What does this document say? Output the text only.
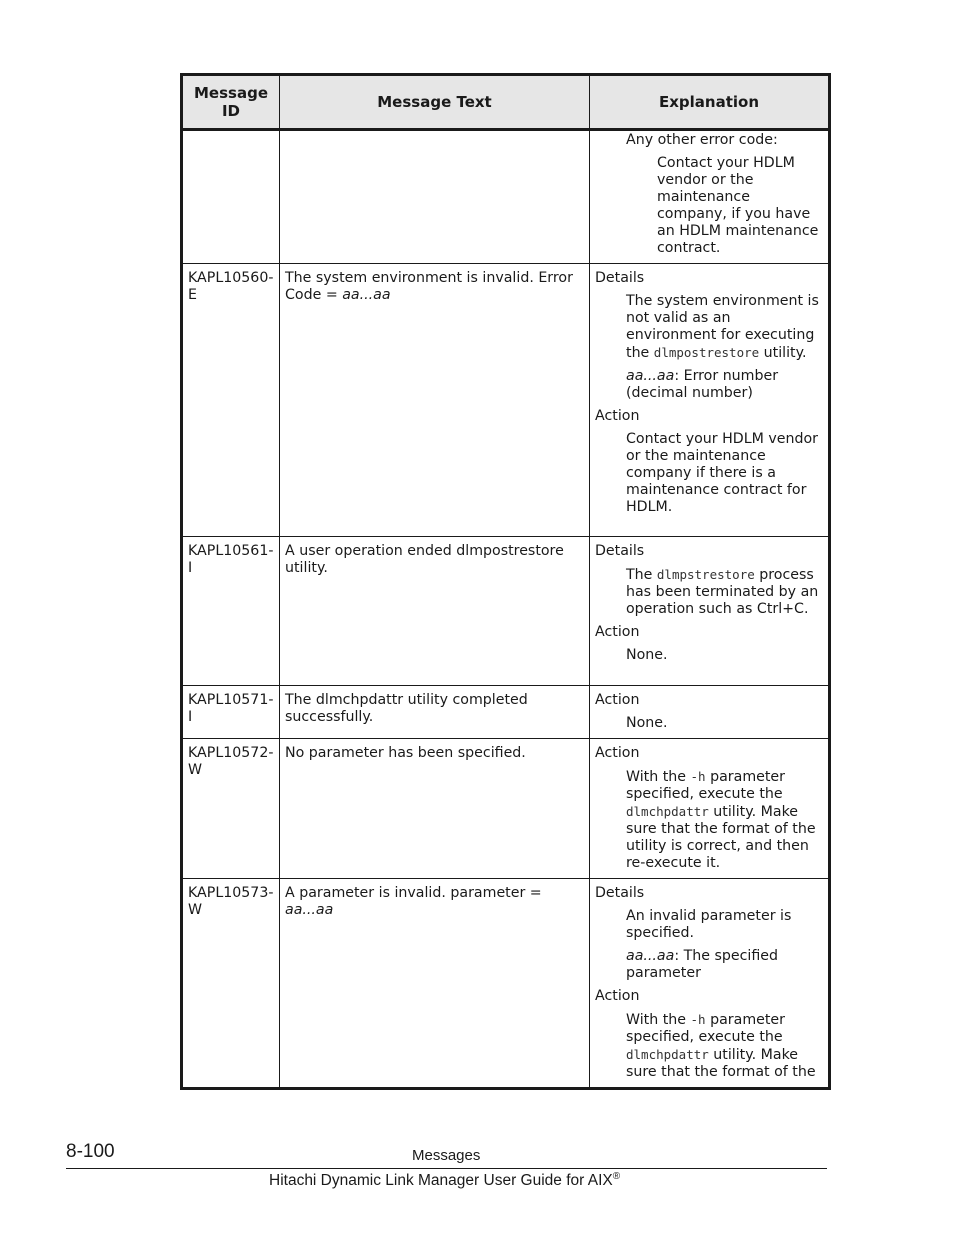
Message ID	Message Text	Explanation

		Any other error code:

Contact your HDLM vendor or the maintenance company, if you have an HDLM maintenance contract.

KAPL10560-E	The system environment is invalid. Error Code = aa...aa	Details

The system environment is not valid as an environment for executing the dlmpostrestore utility.

aa...aa: Error number (decimal number)

Action

Contact your HDLM vendor or the maintenance company if there is a maintenance contract for HDLM.

KAPL10561-I	A user operation ended dlmpostrestore utility.	Details

The dlmpstrestore process has been terminated by an operation such as Ctrl+C.

Action

None.

KAPL10571-I	The dlmchpdattr utility completed successfully.	Action

None.

KAPL10572-W	No parameter has been specified.	Action

With the -h parameter specified, execute the dlmchpdattr utility. Make sure that the format of the utility is correct, and then re-execute it.

KAPL10573-W	A parameter is invalid. parameter = aa...aa	Details

An invalid parameter is specified.

aa...aa: The specified parameter

Action

With the -h parameter specified, execute the dlmchpdattr utility. Make sure that the format of the

8-100	Messages
Hitachi Dynamic Link Manager User Guide for AIX®
